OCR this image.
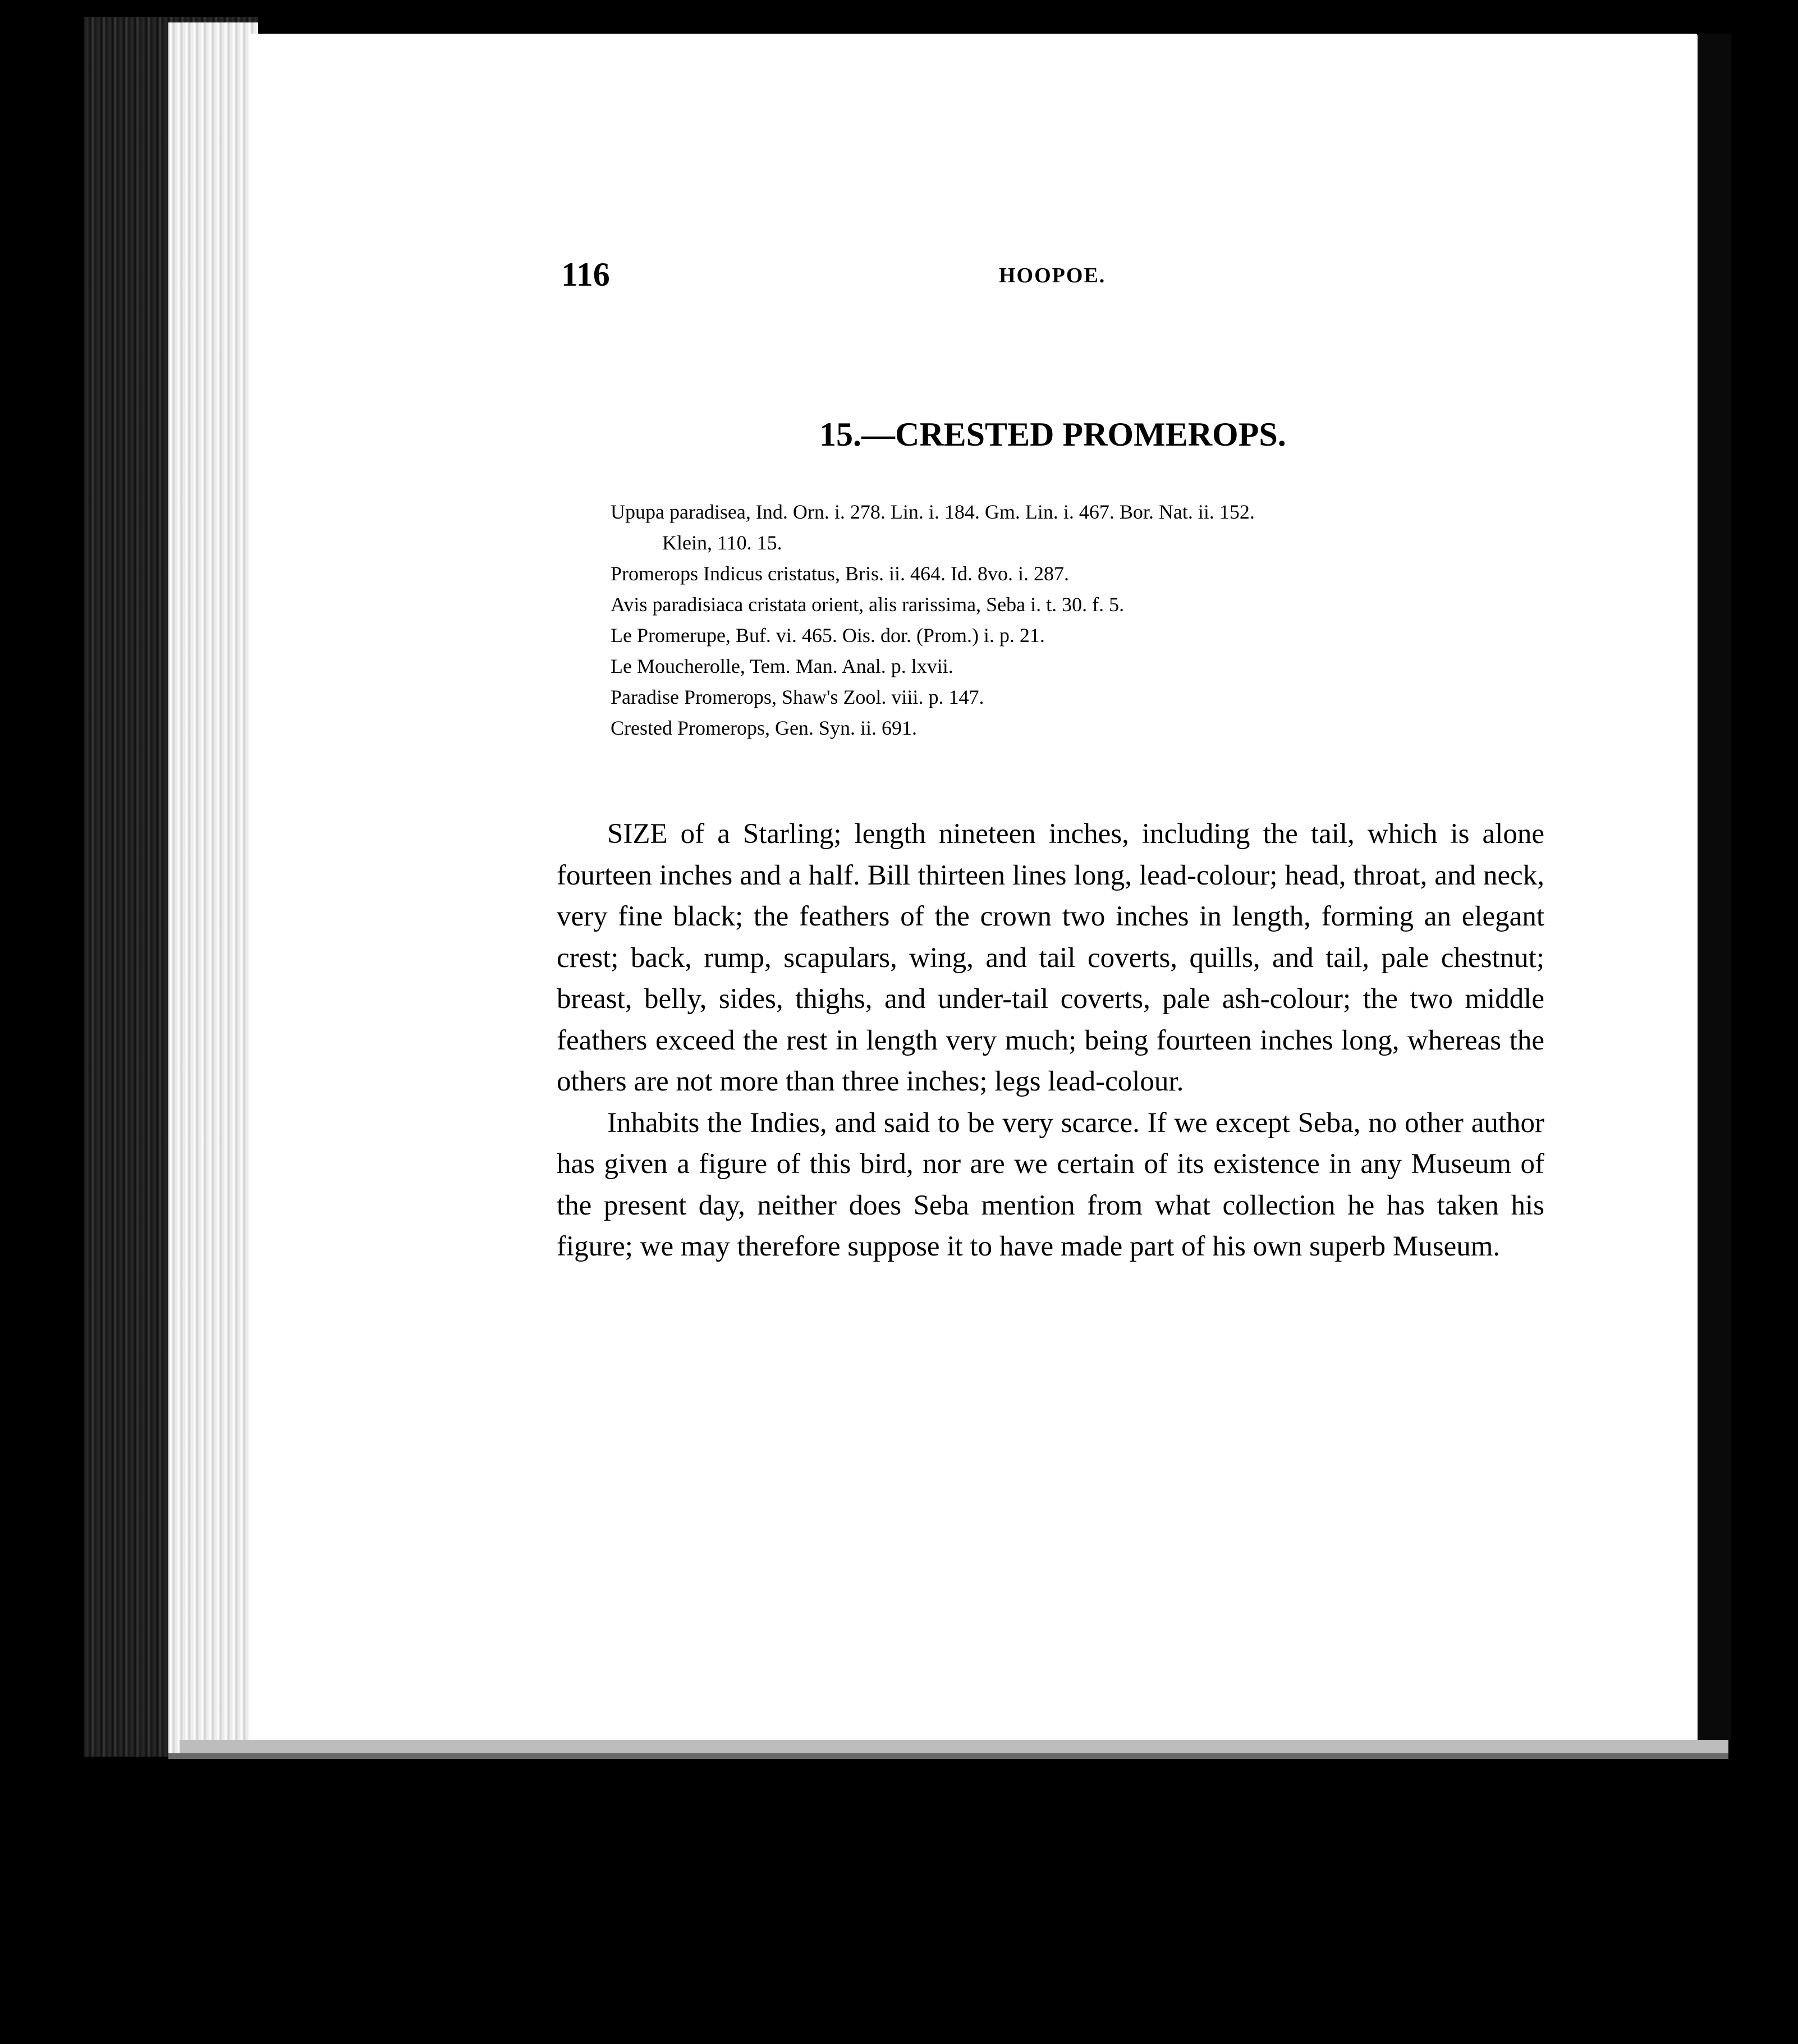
116	HOOPOE.
15.—CRESTED PROMEROPS.
Upupa paradisea, Ind. Orn. i. 278. Lin. i. 184. Gm. Lin. i. 467. Bor. Nat. ii. 152.
Klein, 110. 15.
Promerops Indicus cristatus, Bris. ii. 464. Id. 8vo. i. 287.
Avis paradisiaca cristata orient, alis rarissima, Seba i. t. 30. f. 5.
Le Promerupe, Buf. vi. 465. Ois. dor. (Prom.) i. p. 21.
Le Moucherolle, Tem. Man. Anal. p. lxvii.
Paradise Promerops, Shaw's Zool. viii. p. 147.
Crested Promerops, Gen. Syn. ii. 691.

SIZE of a Starling; length nineteen inches, including the tail, which is alone fourteen inches and a half. Bill thirteen lines long, lead-colour; head, throat, and neck, very fine black; the feathers of the crown two inches in length, forming an elegant crest; back, rump, scapulars, wing, and tail coverts, quills, and tail, pale chestnut; breast, belly, sides, thighs, and under-tail coverts, pale ash-colour; the two middle feathers exceed the rest in length very much; being fourteen inches long, whereas the others are not more than three inches; legs lead-colour.

Inhabits the Indies, and said to be very scarce. If we except Seba, no other author has given a figure of this bird, nor are we certain of its existence in any Museum of the present day, neither does Seba mention from what collection he has taken his figure; we may therefore suppose it to have made part of his own superb Museum.
